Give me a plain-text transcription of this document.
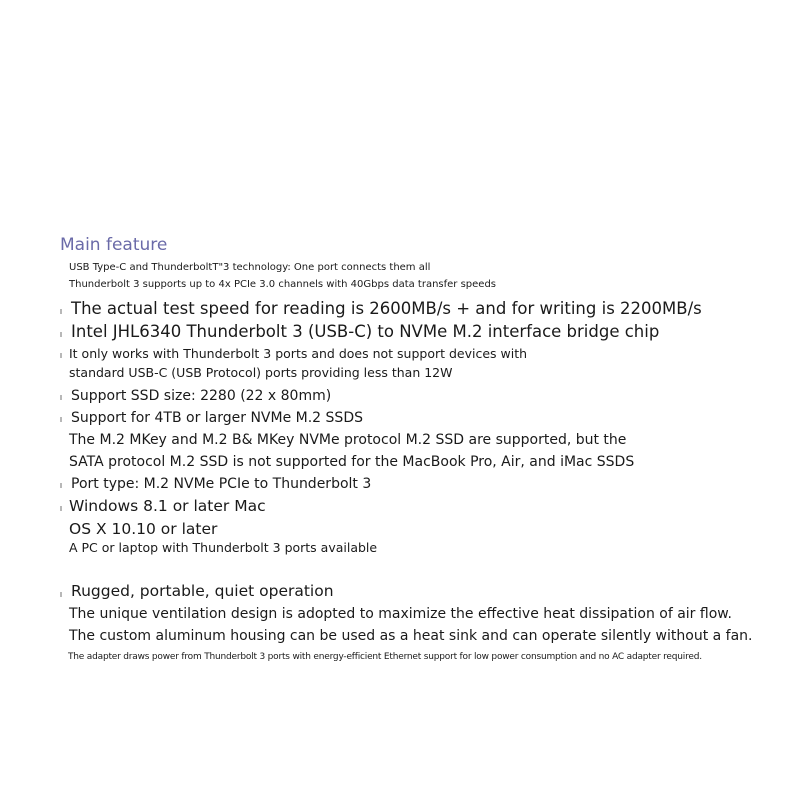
Main feature
USB Type-C and ThunderboltT"3 technology: One port connects them all
Thunderbolt 3 supports up to 4x PCIe 3.0 channels with 40Gbps data transfer speeds
The actual test speed for reading is 2600MB/s + and for writing is 2200MB/s
Intel JHL6340 Thunderbolt 3 (USB-C) to NVMe M.2 interface bridge chip
It only works with Thunderbolt 3 ports and does not support devices with
standard USB-C (USB Protocol) ports providing less than 12W
Support SSD size: 2280 (22 x 80mm)
Support for 4TB or larger NVMe M.2 SSDS
The M.2 MKey and M.2 B& MKey NVMe protocol M.2 SSD are supported, but the
SATA protocol M.2 SSD is not supported for the MacBook Pro, Air, and iMac SSDS
Port type: M.2 NVMe PCIe to Thunderbolt 3
Windows 8.1 or later Mac
OS X 10.10 or later
A PC or laptop with Thunderbolt 3 ports available
Rugged, portable, quiet operation
The unique ventilation design is adopted to maximize the effective heat dissipation of air flow.
The custom aluminum housing can be used as a heat sink and can operate silently without a fan.
The adapter draws power from Thunderbolt 3 ports with energy-efficient Ethernet support for low power consumption and no AC adapter required.
